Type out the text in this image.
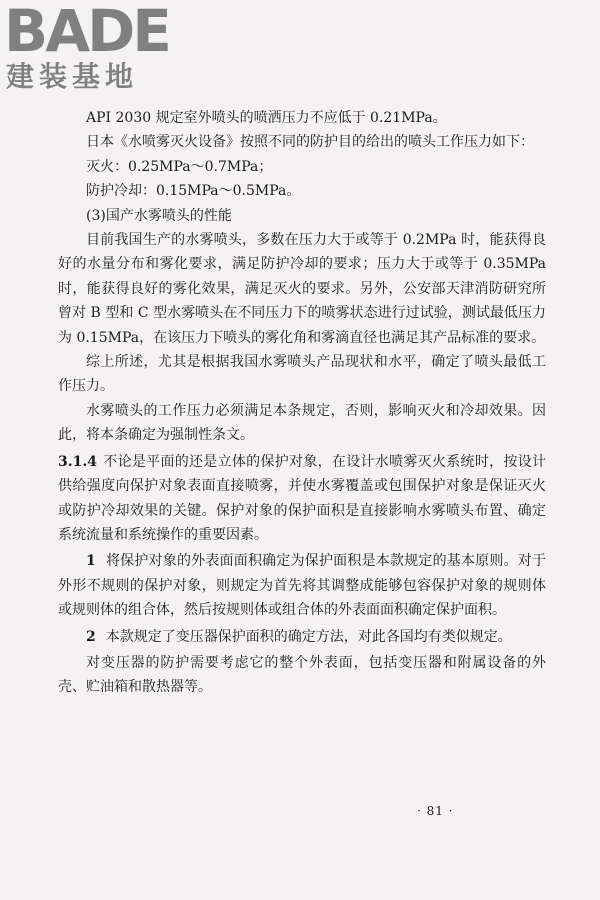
BADE
建装基地

API 2030 规定室外喷头的喷洒压力不应低于 0.21MPa。

日本《水喷雾灭火设备》按照不同的防护目的给出的喷头工作压力如下：

灭火：0.25MPa～0.7MPa；

防护冷却：0.15MPa～0.5MPa。

(3)国产水雾喷头的性能

目前我国生产的水雾喷头，多数在压力大于或等于 0.2MPa 时，能获得良好的水量分布和雾化要求，满足防护冷却的要求；压力大于或等于 0.35MPa 时，能获得良好的雾化效果，满足灭火的要求。另外，公安部天津消防研究所曾对 B 型和 C 型水雾喷头在不同压力下的喷雾状态进行过试验，测试最低压力为 0.15MPa，在该压力下喷头的雾化角和雾滴直径也满足其产品标准的要求。

综上所述，尤其是根据我国水雾喷头产品现状和水平，确定了喷头最低工作压力。

水雾喷头的工作压力必须满足本条规定，否则，影响灭火和冷却效果。因此，将本条确定为强制性条文。

3.1.4 不论是平面的还是立体的保护对象，在设计水喷雾灭火系统时，按设计供给强度向保护对象表面直接喷雾，并使水雾覆盖或包围保护对象是保证灭火或防护冷却效果的关键。保护对象的保护面积是直接影响水雾喷头布置、确定系统流量和系统操作的重要因素。

1 将保护对象的外表面面积确定为保护面积是本款规定的基本原则。对于外形不规则的保护对象，则规定为首先将其调整成能够包容保护对象的规则体或规则体的组合体，然后按规则体或组合体的外表面面积确定保护面积。

2 本款规定了变压器保护面积的确定方法，对此各国均有类似规定。

对变压器的防护需要考虑它的整个外表面，包括变压器和附属设备的外壳、贮油箱和散热器等。

· 81 ·
